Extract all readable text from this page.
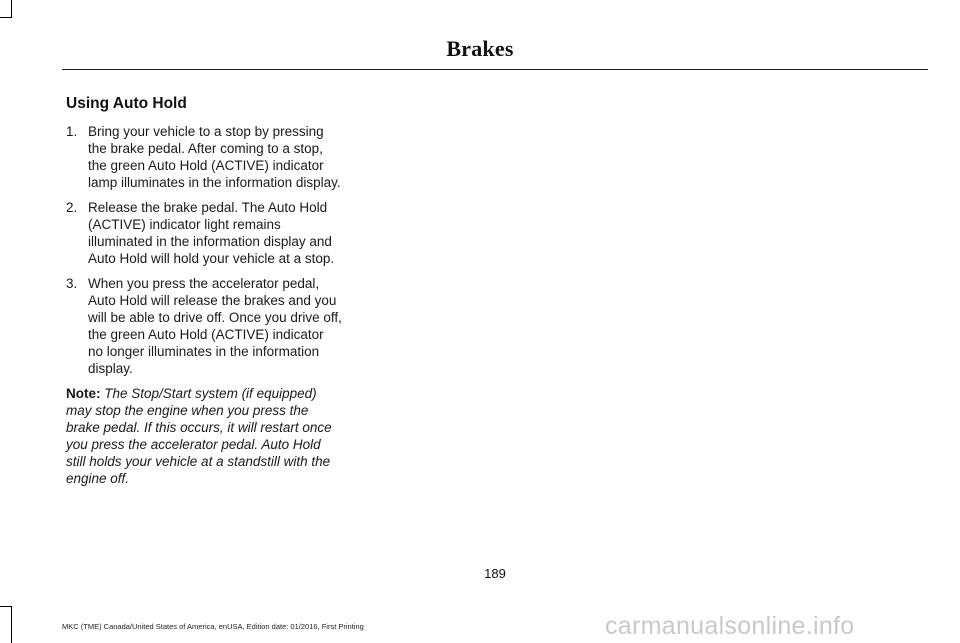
Brakes
Using Auto Hold
1. Bring your vehicle to a stop by pressing the brake pedal. After coming to a stop, the green Auto Hold (ACTIVE) indicator lamp illuminates in the information display.
2. Release the brake pedal. The Auto Hold (ACTIVE) indicator light remains illuminated in the information display and Auto Hold will hold your vehicle at a stop.
3. When you press the accelerator pedal, Auto Hold will release the brakes and you will be able to drive off. Once you drive off, the green Auto Hold (ACTIVE) indicator no longer illuminates in the information display.
Note: The Stop/Start system (if equipped) may stop the engine when you press the brake pedal. If this occurs, it will restart once you press the accelerator pedal. Auto Hold still holds your vehicle at a standstill with the engine off.
189
MKC (TME) Canada/United States of America, enUSA, Edition date: 01/2016, First Printing	carmanualsonline.info
